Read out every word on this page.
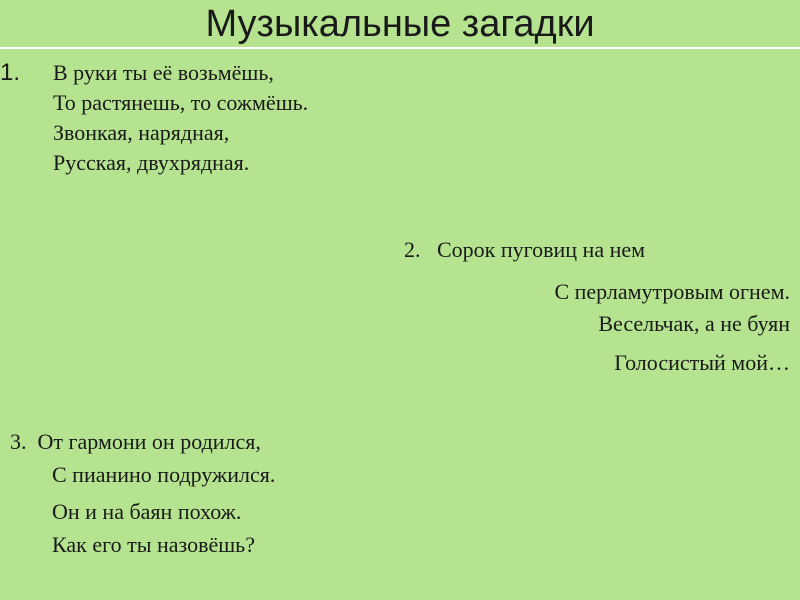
Музыкальные загадки
1. В руки ты её возьмёшь,
То растянешь, то сожмёшь.
Звонкая, нарядная,
Русская, двухрядная.
2.   Сорок пуговиц на нем
С перламутровым огнем.
Весельчак, а не буян
Голосистый мой…
3.  От гармони он родился,
С пианино подружился.
Он и на баян похож.
Как его ты назовёшь?
